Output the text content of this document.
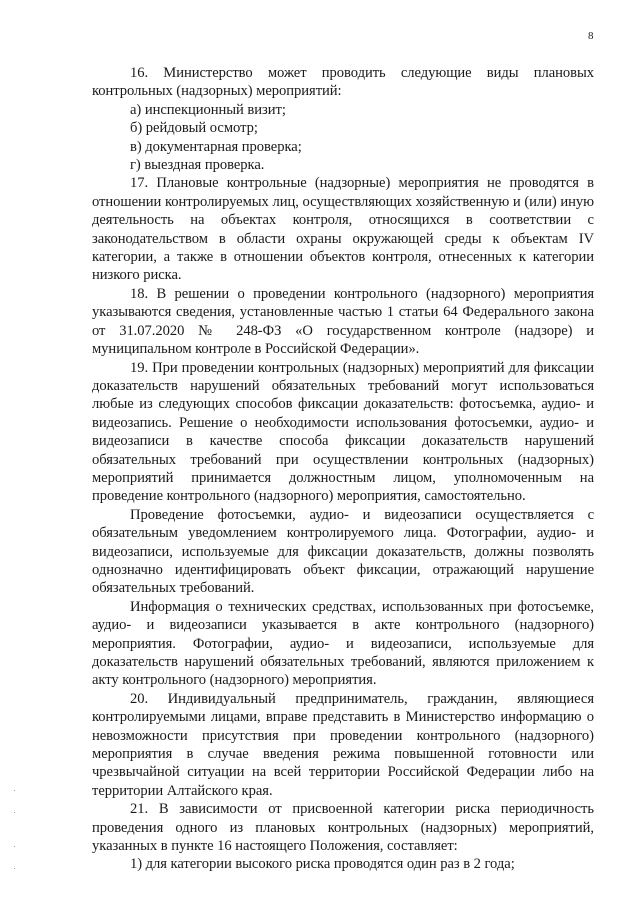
8

16. Министерство может проводить следующие виды плановых контрольных (надзорных) мероприятий:

а) инспекционный визит;

б) рейдовый осмотр;

в) документарная проверка;

г) выездная проверка.

17. Плановые контрольные (надзорные) мероприятия не проводятся в отношении контролируемых лиц, осуществляющих хозяйственную и (или) иную деятельность на объектах контроля, относящихся в соответствии с законодательством в области охраны окружающей среды к объектам IV категории, а также в отношении объектов контроля, отнесенных к категории низкого риска.

18. В решении о проведении контрольного (надзорного) мероприятия указываются сведения, установленные частью 1 статьи 64 Федерального закона от 31.07.2020 № 248-ФЗ «О государственном контроле (надзоре) и муниципальном контроле в Российской Федерации».

19. При проведении контрольных (надзорных) мероприятий для фиксации доказательств нарушений обязательных требований могут использоваться любые из следующих способов фиксации доказательств: фотосъемка, аудио- и видеозапись. Решение о необходимости использования фотосъемки, аудио- и видеозаписи в качестве способа фиксации доказательств нарушений обязательных требований при осуществлении контрольных (надзорных) мероприятий принимается должностным лицом, уполномоченным на проведение контрольного (надзорного) мероприятия, самостоятельно.

Проведение фотосъемки, аудио- и видеозаписи осуществляется с обязательным уведомлением контролируемого лица. Фотографии, аудио- и видеозаписи, используемые для фиксации доказательств, должны позволять однозначно идентифицировать объект фиксации, отражающий нарушение обязательных требований.

Информация о технических средствах, использованных при фотосъемке, аудио- и видеозаписи указывается в акте контрольного (надзорного) мероприятия. Фотографии, аудио- и видеозаписи, используемые для доказательств нарушений обязательных требований, являются приложением к акту контрольного (надзорного) мероприятия.

20. Индивидуальный предприниматель, гражданин, являющиеся контролируемыми лицами, вправе представить в Министерство информацию о невозможности присутствия при проведении контрольного (надзорного) мероприятия в случае введения режима повышенной готовности или чрезвычайной ситуации на всей территории Российской Федерации либо на территории Алтайского края.

21. В зависимости от присвоенной категории риска периодичность проведения одного из плановых контрольных (надзорных) мероприятий, указанных в пункте 16 настоящего Положения, составляет:

1) для категории высокого риска проводятся один раз в 2 года;
